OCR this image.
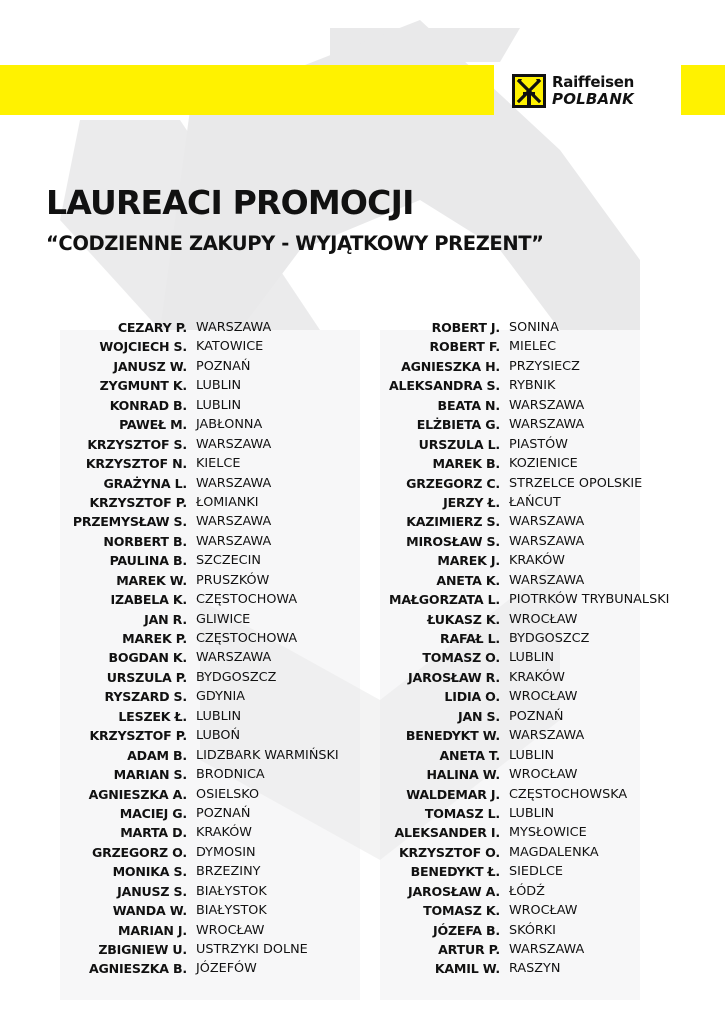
Raiffeisen
POLBANK
LAUREACI PROMOCJI
“CODZIENNE ZAKUPY - WYJĄTKOWY PREZENT”
CEZARY P. WARSZAWA
WOJCIECH S. KATOWICE
JANUSZ W. POZNAŃ
ZYGMUNT K. LUBLIN
KONRAD B. LUBLIN
PAWEŁ M. JABŁONNA
KRZYSZTOF S. WARSZAWA
KRZYSZTOF N. KIELCE
GRAŻYNA L. WARSZAWA
KRZYSZTOF P. ŁOMIANKI
PRZEMYSŁAW S. WARSZAWA
NORBERT B. WARSZAWA
PAULINA B. SZCZECIN
MAREK W. PRUSZKÓW
IZABELA K. CZĘSTOCHOWA
JAN R. GLIWICE
MAREK P. CZĘSTOCHOWA
BOGDAN K. WARSZAWA
URSZULA P. BYDGOSZCZ
RYSZARD S. GDYNIA
LESZEK Ł. LUBLIN
KRZYSZTOF P. LUBOŃ
ADAM B. LIDZBARK WARMIŃSKI
MARIAN S. BRODNICA
AGNIESZKA A. OSIELSKO
MACIEJ G. POZNAŃ
MARTA D. KRAKÓW
GRZEGORZ O. DYMOSIN
MONIKA S. BRZEZINY
JANUSZ S. BIAŁYSTOK
WANDA W. BIAŁYSTOK
MARIAN J. WROCŁAW
ZBIGNIEW U. USTRZYKI DOLNE
AGNIESZKA B. JÓZEFÓW
ROBERT J. SONINA
ROBERT F. MIELEC
AGNIESZKA H. PRZYSIECZ
ALEKSANDRA S. RYBNIK
BEATA N. WARSZAWA
ELŻBIETA G. WARSZAWA
URSZULA L. PIASTÓW
MAREK B. KOZIENICE
GRZEGORZ C. STRZELCE OPOLSKIE
JERZY Ł. ŁAŃCUT
KAZIMIERZ S. WARSZAWA
MIROSŁAW S. WARSZAWA
MAREK J. KRAKÓW
ANETA K. WARSZAWA
MAŁGORZATA L. PIOTRKÓW TRYBUNALSKI
ŁUKASZ K. WROCŁAW
RAFAŁ L. BYDGOSZCZ
TOMASZ O. LUBLIN
JAROSŁAW R. KRAKÓW
LIDIA O. WROCŁAW
JAN S. POZNAŃ
BENEDYKT W. WARSZAWA
ANETA T. LUBLIN
HALINA W. WROCŁAW
WALDEMAR J. CZĘSTOCHOWSKA
TOMASZ L. LUBLIN
ALEKSANDER I. MYSŁOWICE
KRZYSZTOF O. MAGDALENKA
BENEDYKT Ł. SIEDLCE
JAROSŁAW A. ŁÓDŹ
TOMASZ K. WROCŁAW
JÓZEFA B. SKÓRKI
ARTUR P. WARSZAWA
KAMIL W. RASZYN
